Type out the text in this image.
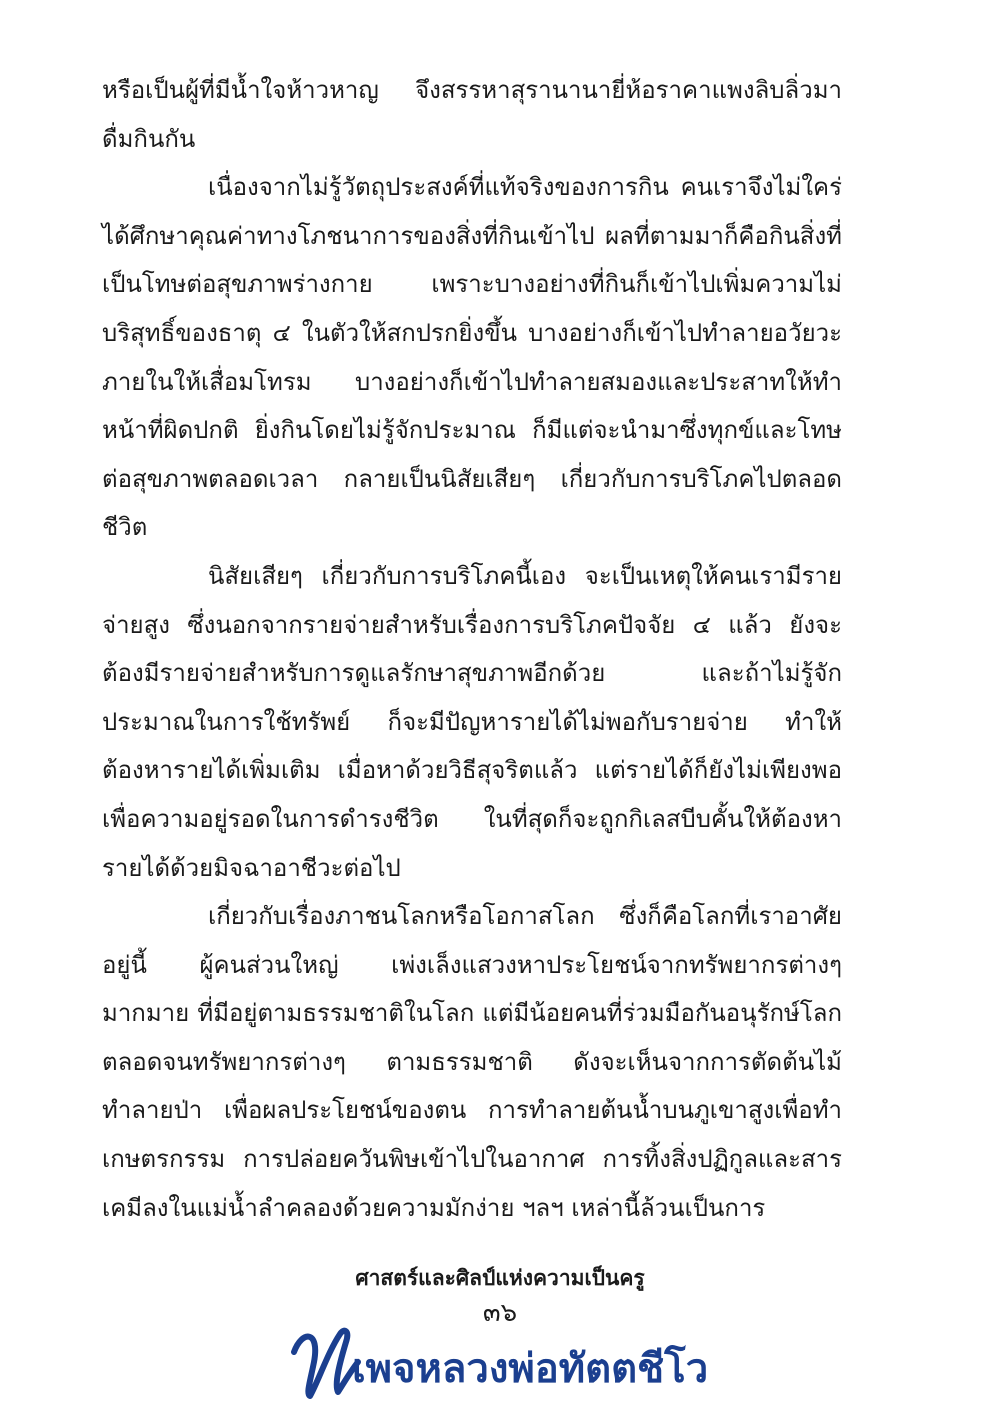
หรือเป็นผู้ที่มีน้ำใจห้าวหาญ จึงสรรหาสุรานานายี่ห้อราคาแพงลิบลิ่วมาดื่มกินกัน

เนื่องจากไม่รู้วัตถุประสงค์ที่แท้จริงของการกิน คนเราจึงไม่ใคร่ได้ศึกษาคุณค่าทางโภชนาการของสิ่งที่กินเข้าไป ผลที่ตามมาก็คือกินสิ่งที่เป็นโทษต่อสุขภาพร่างกาย เพราะบางอย่างที่กินก็เข้าไปเพิ่มความไม่บริสุทธิ์ของธาตุ ๔ ในตัวให้สกปรกยิ่งขึ้น บางอย่างก็เข้าไปทำลายอวัยวะภายในให้เสื่อมโทรม บางอย่างก็เข้าไปทำลายสมองและประสาทให้ทำหน้าที่ผิดปกติ ยิ่งกินโดยไม่รู้จักประมาณ ก็มีแต่จะนำมาซึ่งทุกข์และโทษต่อสุขภาพตลอดเวลา กลายเป็นนิสัยเสียๆ เกี่ยวกับการบริโภคไปตลอดชีวิต

นิสัยเสียๆ เกี่ยวกับการบริโภคนี้เอง จะเป็นเหตุให้คนเรามีรายจ่ายสูง ซึ่งนอกจากรายจ่ายสำหรับเรื่องการบริโภคปัจจัย ๔ แล้ว ยังจะต้องมีรายจ่ายสำหรับการดูแลรักษาสุขภาพอีกด้วย และถ้าไม่รู้จักประมาณในการใช้ทรัพย์ ก็จะมีปัญหารายได้ไม่พอกับรายจ่าย ทำให้ต้องหารายได้เพิ่มเติม เมื่อหาด้วยวิธีสุจริตแล้ว แต่รายได้ก็ยังไม่เพียงพอเพื่อความอยู่รอดในการดำรงชีวิต ในที่สุดก็จะถูกกิเลสบีบคั้นให้ต้องหารายได้ด้วยมิจฉาอาชีวะต่อไป

เกี่ยวกับเรื่องภาชนโลกหรือโอกาสโลก ซึ่งก็คือโลกที่เราอาศัยอยู่นี้ ผู้คนส่วนใหญ่ เพ่งเล็งแสวงหาประโยชน์จากทรัพยากรต่างๆ มากมาย ที่มีอยู่ตามธรรมชาติในโลก แต่มีน้อยคนที่ร่วมมือกันอนุรักษ์โลกตลอดจนทรัพยากรต่างๆ ตามธรรมชาติ ดังจะเห็นจากการตัดต้นไม้ทำลายป่า เพื่อผลประโยชน์ของตน การทำลายต้นน้ำบนภูเขาสูงเพื่อทำเกษตรกรรม การปล่อยควันพิษเข้าไปในอากาศ การทิ้งสิ่งปฏิกูลและสารเคมีลงในแม่น้ำลำคลองด้วยความมักง่าย ฯลฯ เหล่านี้ล้วนเป็นการ

ศาสตร์และศิลป์แห่งความเป็นครู
๓๖
เพจหลวงพ่อทัตตชีโว
